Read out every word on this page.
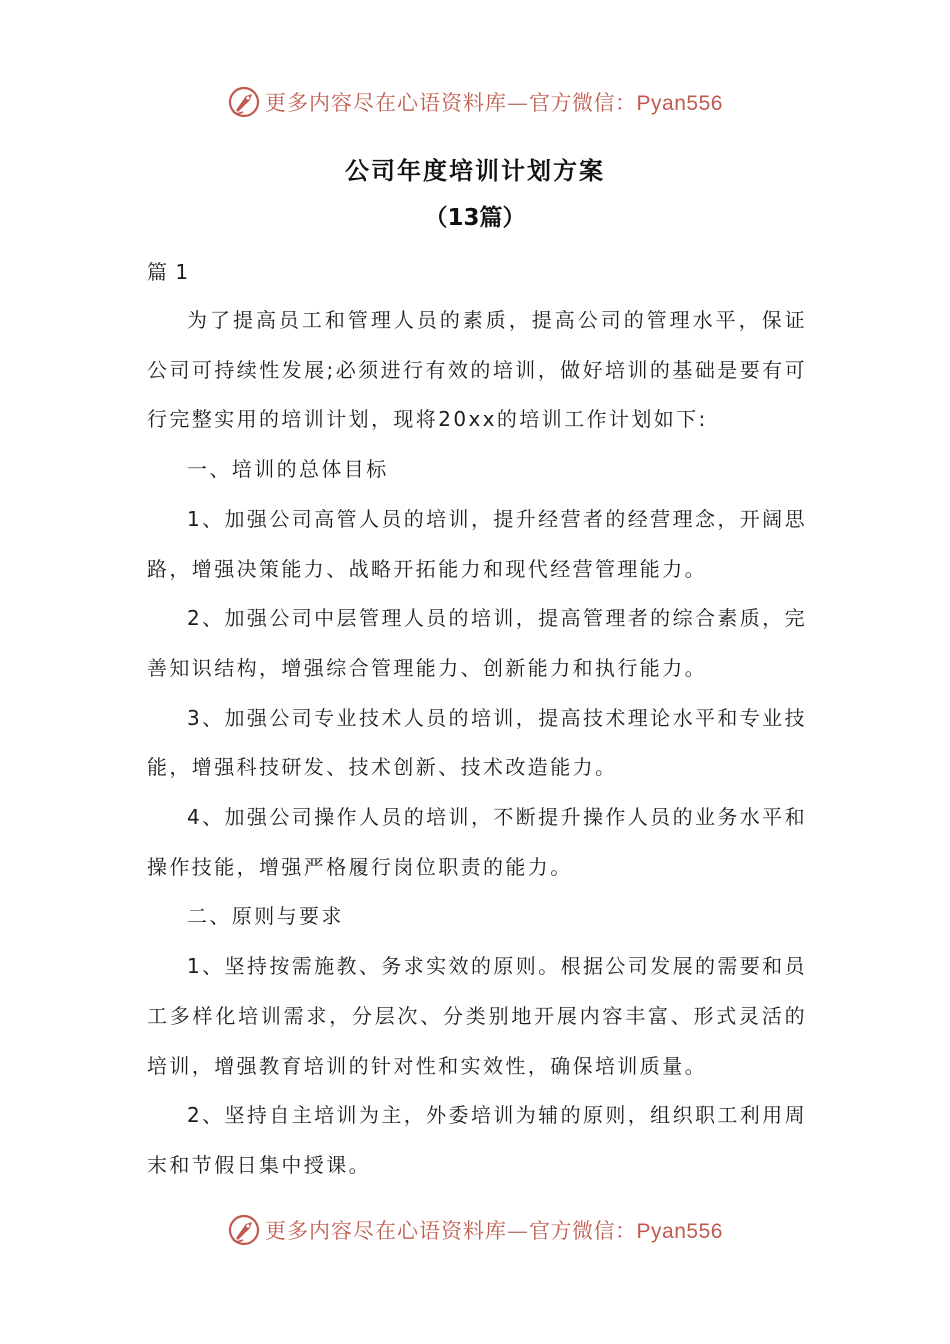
更多内容尽在心语资料库—官方微信：Pyan556
公司年度培训计划方案
（13篇）
篇 1

为了提高员工和管理人员的素质，提高公司的管理水平，保证公司可持续性发展;必须进行有效的培训，做好培训的基础是要有可行完整实用的培训计划，现将20xx的培训工作计划如下:

一、培训的总体目标

1、加强公司高管人员的培训，提升经营者的经营理念，开阔思路，增强决策能力、战略开拓能力和现代经营管理能力。

2、加强公司中层管理人员的培训，提高管理者的综合素质，完善知识结构，增强综合管理能力、创新能力和执行能力。

3、加强公司专业技术人员的培训，提高技术理论水平和专业技能，增强科技研发、技术创新、技术改造能力。

4、加强公司操作人员的培训，不断提升操作人员的业务水平和操作技能，增强严格履行岗位职责的能力。

二、原则与要求

1、坚持按需施教、务求实效的原则。根据公司发展的需要和员工多样化培训需求，分层次、分类别地开展内容丰富、形式灵活的培训，增强教育培训的针对性和实效性，确保培训质量。

2、坚持自主培训为主，外委培训为辅的原则，组织职工利用周末和节假日集中授课。

更多内容尽在心语资料库—官方微信：Pyan556
